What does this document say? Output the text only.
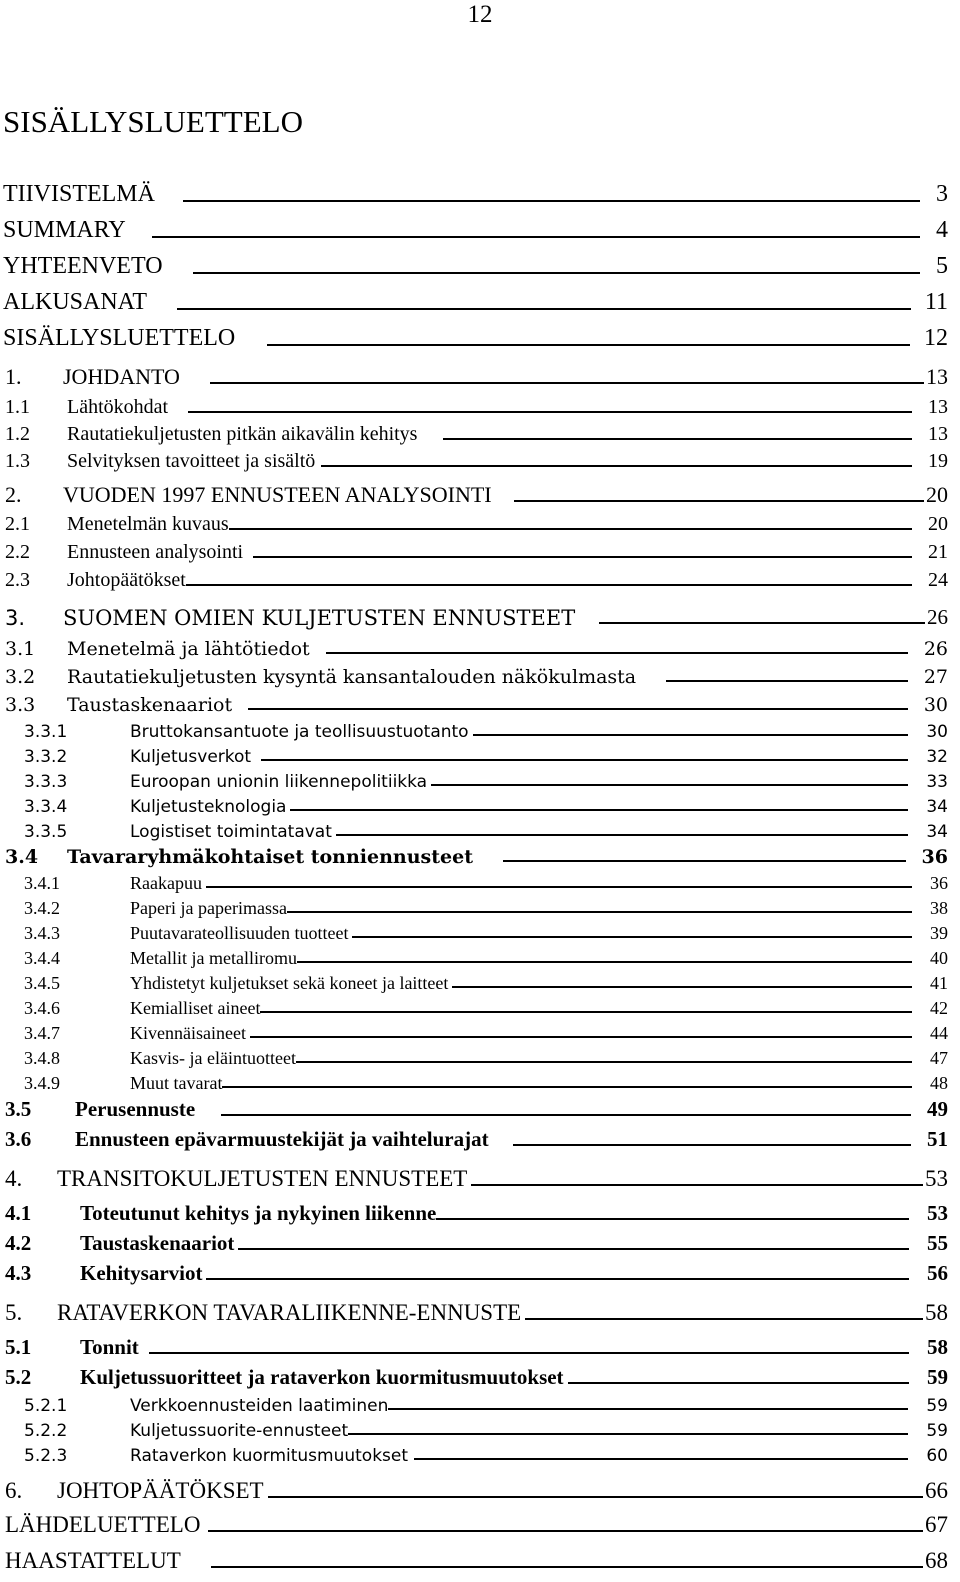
12
SISÄLLYSLUETTELO
TIIVISTELMÄ	3
SUMMARY	4
YHTEENVETO	5
ALKUSANAT	11
SISÄLLYSLUETTELO	12
1.	JOHDANTO	13
1.1	Lähtökohdat	13
1.2	Rautatiekuljetusten pitkän aikavälin kehitys	13
1.3	Selvityksen tavoitteet ja sisältö	19
2.	VUODEN 1997 ENNUSTEEN ANALYSOINTI	20
2.1	Menetelmän kuvaus	20
2.2	Ennusteen analysointi	21
2.3	Johtopäätökset	24
3.	SUOMEN OMIEN KULJETUSTEN ENNUSTEET	26
3.1	Menetelmä ja lähtötiedot	26
3.2	Rautatiekuljetusten kysyntä kansantalouden näkökulmasta	27
3.3	Taustaskenaariot	30
3.3.1	Bruttokansantuote ja teollisuustuotanto	30
3.3.2	Kuljetusverkot	32
3.3.3	Euroopan unionin liikennepolitiikka	33
3.3.4	Kuljetusteknologia	34
3.3.5	Logistiset toimintatavat	34
3.4	Tavararyhmäkohtaiset tonniennusteet	36
3.4.1	Raakapuu	36
3.4.2	Paperi ja paperimassa	38
3.4.3	Puutavarateollisuuden tuotteet	39
3.4.4	Metallit ja metalliromu	40
3.4.5	Yhdistetyt kuljetukset sekä koneet ja laitteet	41
3.4.6	Kemialliset aineet	42
3.4.7	Kivennäisaineet	44
3.4.8	Kasvis- ja eläintuotteet	47
3.4.9	Muut tavarat	48
3.5	Perusennuste	49
3.6	Ennusteen epävarmuustekijät ja vaihtelurajat	51
4.	TRANSITOKULJETUSTEN ENNUSTEET	53
4.1	Toteutunut kehitys ja nykyinen liikenne	53
4.2	Taustaskenaariot	55
4.3	Kehitysarviot	56
5.	RATAVERKON TAVARALIIKENNE-ENNUSTE	58
5.1	Tonnit	58
5.2	Kuljetussuoritteet ja rataverkon kuormitusmuutokset	59
5.2.1	Verkkoennusteiden laatiminen	59
5.2.2	Kuljetussuorite-ennusteet	59
5.2.3	Rataverkon kuormitusmuutokset	60
6.	JOHTOPÄÄTÖKSET	66
LÄHDELUETTELO	67
HAASTATTELUT	68
